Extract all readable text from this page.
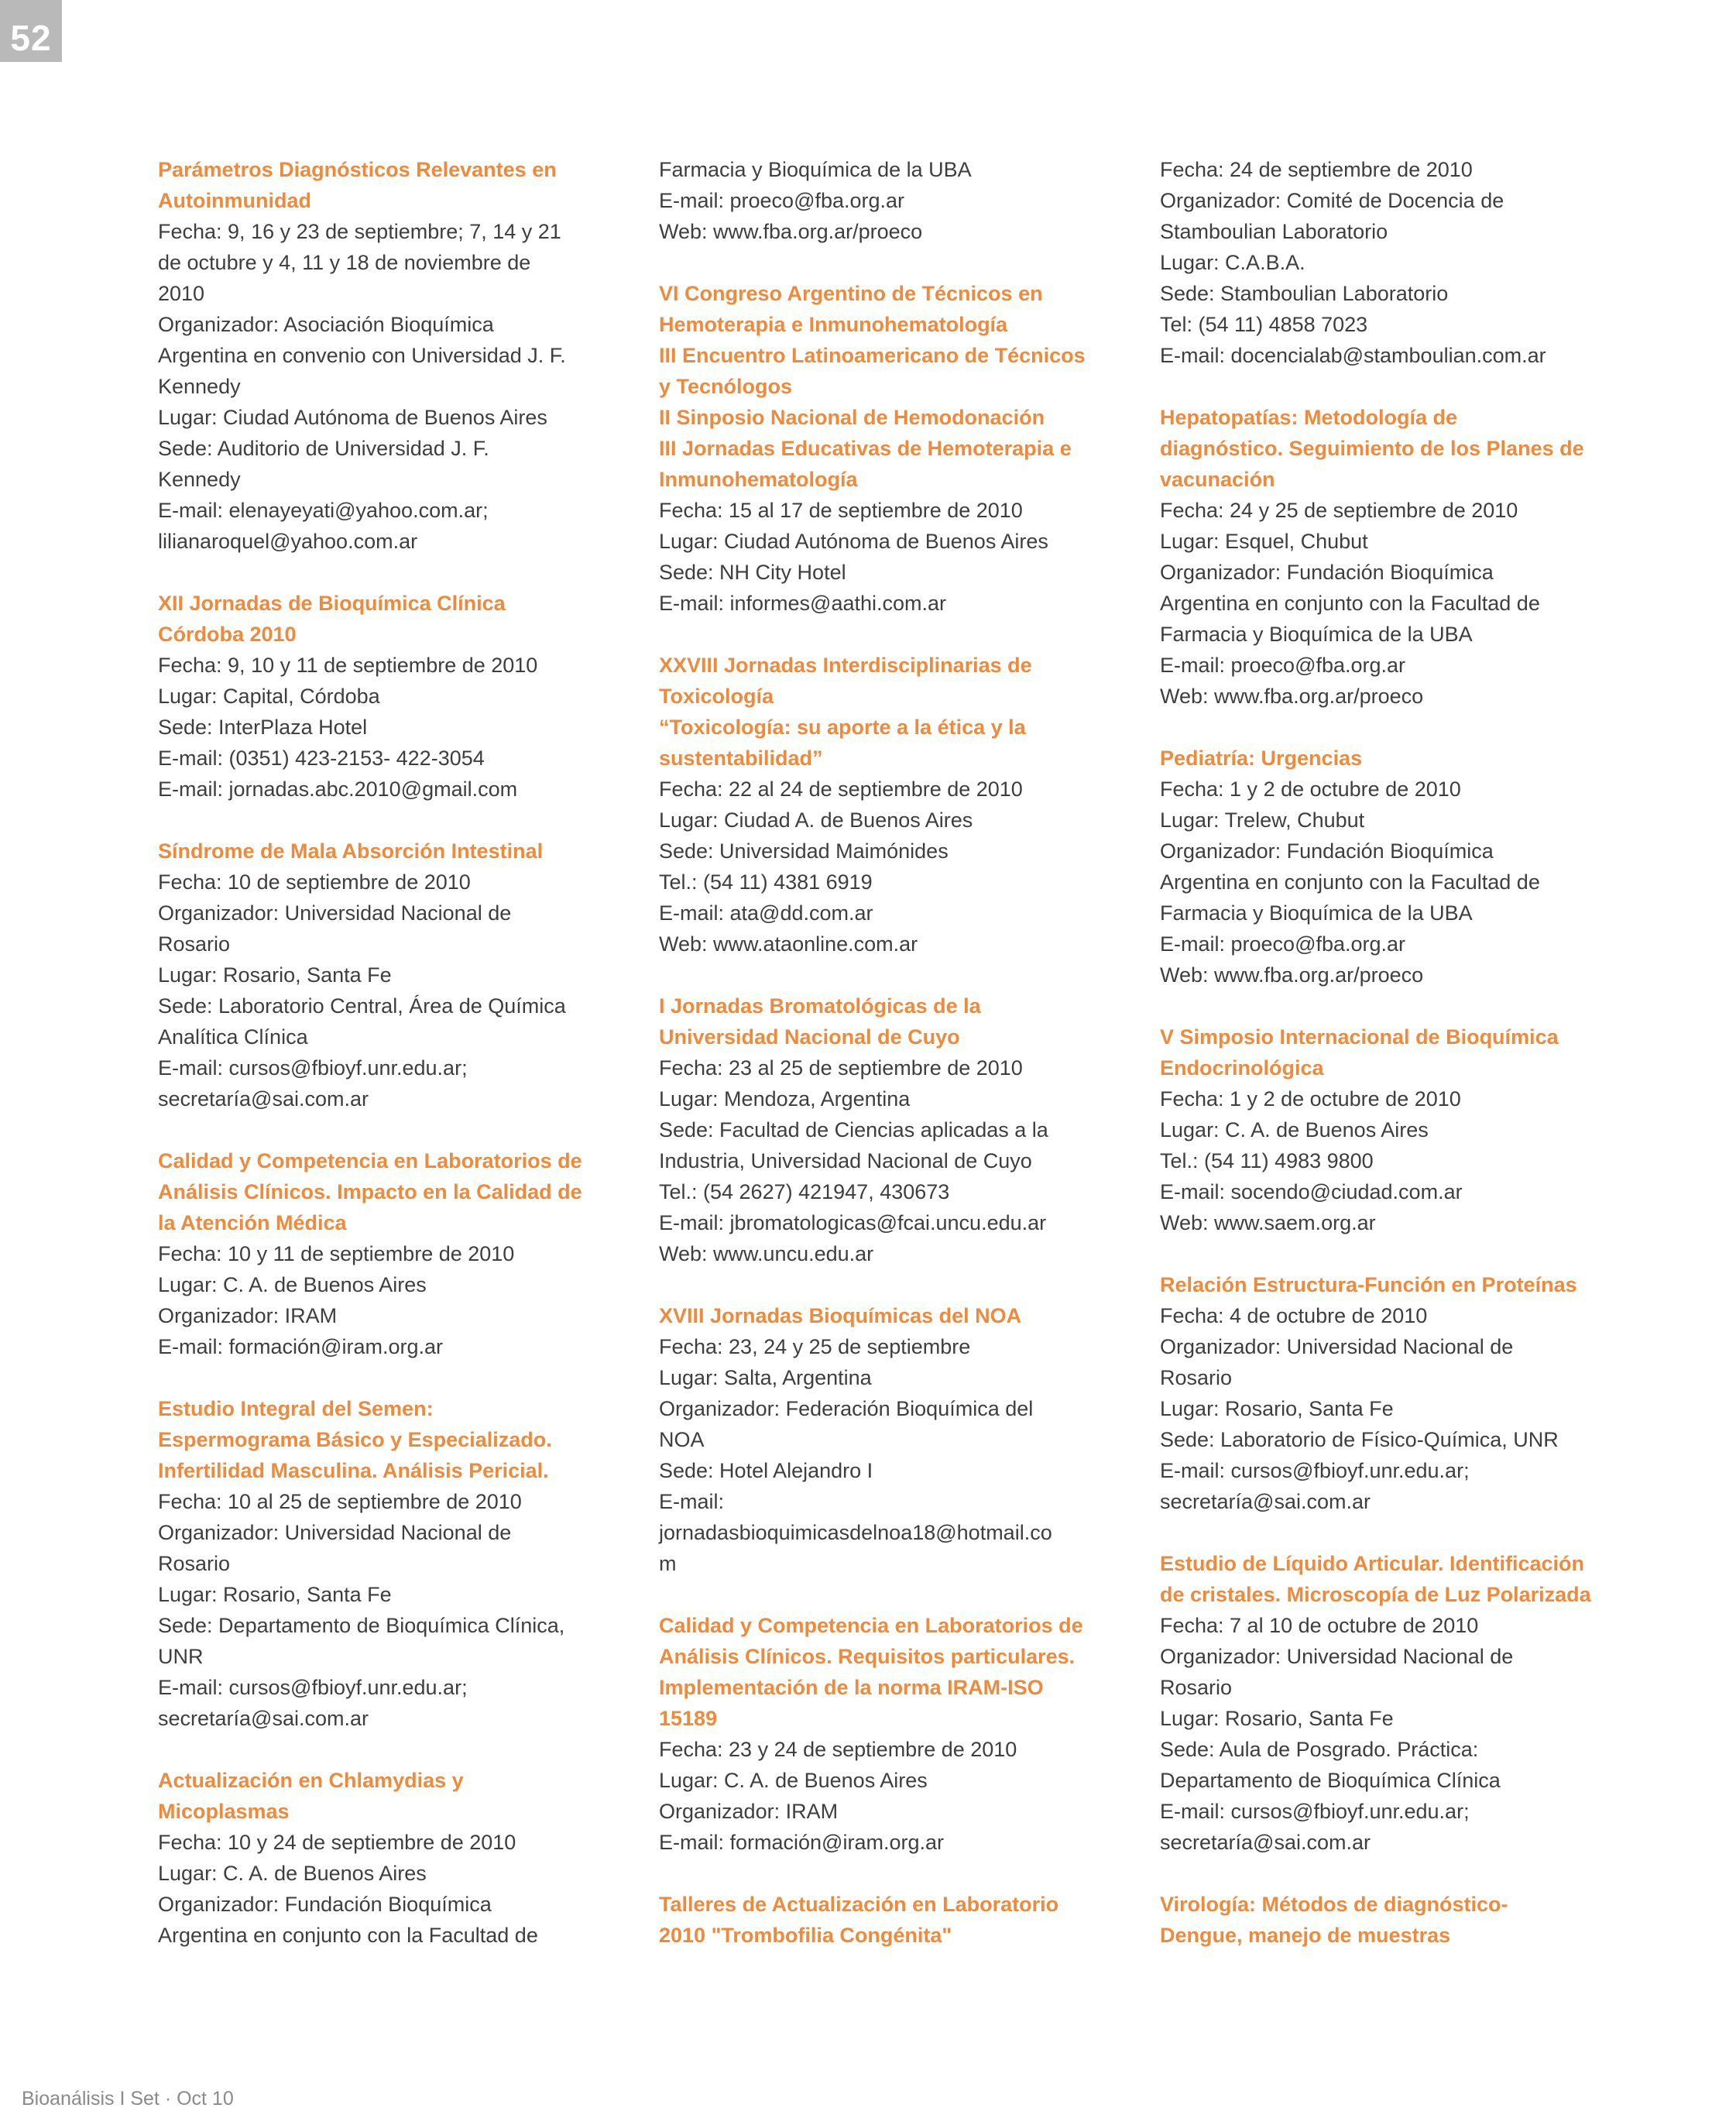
52
Parámetros Diagnósticos Relevantes en
Autoinmunidad
Fecha: 9, 16 y 23 de septiembre; 7, 14 y 21
de octubre y 4, 11 y 18 de noviembre de
2010
Organizador: Asociación Bioquímica
Argentina en convenio con Universidad J. F.
Kennedy
Lugar: Ciudad Autónoma de Buenos Aires
Sede: Auditorio de Universidad J. F.
Kennedy
E-mail: elenayeyati@yahoo.com.ar;
lilianaroquel@yahoo.com.ar
XII Jornadas de Bioquímica Clínica
Córdoba 2010
Fecha: 9, 10 y 11 de septiembre de 2010
Lugar: Capital, Córdoba
Sede: InterPlaza Hotel
E-mail: (0351) 423-2153- 422-3054
E-mail: jornadas.abc.2010@gmail.com
Síndrome de Mala Absorción Intestinal
Fecha: 10 de septiembre de 2010
Organizador: Universidad Nacional de
Rosario
Lugar: Rosario, Santa Fe
Sede: Laboratorio Central, Área de Química
Analítica Clínica
E-mail: cursos@fbioyf.unr.edu.ar;
secretaría@sai.com.ar
Calidad y Competencia en Laboratorios de
Análisis Clínicos. Impacto en la Calidad de
la Atención Médica
Fecha: 10 y 11 de septiembre de 2010
Lugar: C. A. de Buenos Aires
Organizador: IRAM
E-mail: formación@iram.org.ar
Estudio Integral del Semen:
Espermograma Básico y Especializado.
Infertilidad Masculina. Análisis Pericial.
Fecha: 10 al 25 de septiembre de 2010
Organizador: Universidad Nacional de
Rosario
Lugar: Rosario, Santa Fe
Sede: Departamento de Bioquímica Clínica,
UNR
E-mail: cursos@fbioyf.unr.edu.ar;
secretaría@sai.com.ar
Actualización en Chlamydias y
Micoplasmas
Fecha: 10 y 24 de septiembre de 2010
Lugar: C. A. de Buenos Aires
Organizador: Fundación Bioquímica
Argentina en conjunto con la Facultad de
Farmacia y Bioquímica de la UBA
E-mail: proeco@fba.org.ar
Web: www.fba.org.ar/proeco
VI Congreso Argentino de Técnicos en
Hemoterapia e Inmunohematología
III Encuentro Latinoamericano de Técnicos
y Tecnólogos
II Sinposio Nacional de Hemodonación
III Jornadas Educativas de Hemoterapia e
Inmunohematología
Fecha: 15 al 17 de septiembre de 2010
Lugar: Ciudad Autónoma de Buenos Aires
Sede: NH City Hotel
E-mail: informes@aathi.com.ar
XXVIII Jornadas Interdisciplinarias de
Toxicología
“Toxicología: su aporte a la ética y la
sustentabilidad”
Fecha: 22 al 24 de septiembre de 2010
Lugar: Ciudad A. de Buenos Aires
Sede: Universidad Maimónides
Tel.: (54 11) 4381 6919
E-mail: ata@dd.com.ar
Web: www.ataonline.com.ar
I Jornadas Bromatológicas de la
Universidad Nacional de Cuyo
Fecha: 23 al 25 de septiembre de 2010
Lugar: Mendoza, Argentina
Sede: Facultad de Ciencias aplicadas a la
Industria, Universidad Nacional de Cuyo
Tel.: (54 2627) 421947, 430673
E-mail: jbromatologicas@fcai.uncu.edu.ar
Web: www.uncu.edu.ar
XVIII Jornadas Bioquímicas del NOA
Fecha: 23, 24 y 25 de septiembre
Lugar: Salta, Argentina
Organizador: Federación Bioquímica del
NOA
Sede: Hotel Alejandro I
E-mail:
jornadasbioquimicasdelnoa18@hotmail.co
m
Calidad y Competencia en Laboratorios de
Análisis Clínicos. Requisitos particulares.
Implementación de la norma IRAM-ISO
15189
Fecha: 23 y 24 de septiembre de 2010
Lugar: C. A. de Buenos Aires
Organizador: IRAM
E-mail: formación@iram.org.ar
Talleres de Actualización en Laboratorio
2010 "Trombofilia Congénita"
Fecha: 24 de septiembre de 2010
Organizador: Comité de Docencia de
Stamboulian Laboratorio
Lugar: C.A.B.A.
Sede: Stamboulian Laboratorio
Tel: (54 11) 4858 7023
E-mail: docencialab@stamboulian.com.ar
Hepatopatías: Metodología de
diagnóstico. Seguimiento de los Planes de
vacunación
Fecha: 24 y 25 de septiembre de 2010
Lugar: Esquel, Chubut
Organizador: Fundación Bioquímica
Argentina en conjunto con la Facultad de
Farmacia y Bioquímica de la UBA
E-mail: proeco@fba.org.ar
Web: www.fba.org.ar/proeco
Pediatría: Urgencias
Fecha: 1 y 2 de octubre de 2010
Lugar: Trelew, Chubut
Organizador: Fundación Bioquímica
Argentina en conjunto con la Facultad de
Farmacia y Bioquímica de la UBA
E-mail: proeco@fba.org.ar
Web: www.fba.org.ar/proeco
V Simposio Internacional de Bioquímica
Endocrinológica
Fecha: 1 y 2 de octubre de 2010
Lugar: C. A. de Buenos Aires
Tel.: (54 11) 4983 9800
E-mail: socendo@ciudad.com.ar
Web: www.saem.org.ar
Relación Estructura-Función en Proteínas
Fecha: 4 de octubre de 2010
Organizador: Universidad Nacional de
Rosario
Lugar: Rosario, Santa Fe
Sede: Laboratorio de Físico-Química, UNR
E-mail: cursos@fbioyf.unr.edu.ar;
secretaría@sai.com.ar
Estudio de Líquido Articular. Identificación
de cristales. Microscopía de Luz Polarizada
Fecha: 7 al 10 de octubre de 2010
Organizador: Universidad Nacional de
Rosario
Lugar: Rosario, Santa Fe
Sede: Aula de Posgrado. Práctica:
Departamento de Bioquímica Clínica
E-mail: cursos@fbioyf.unr.edu.ar;
secretaría@sai.com.ar
Virología: Métodos de diagnóstico-
Dengue, manejo de muestras
Bioanálisis I Set · Oct 10
